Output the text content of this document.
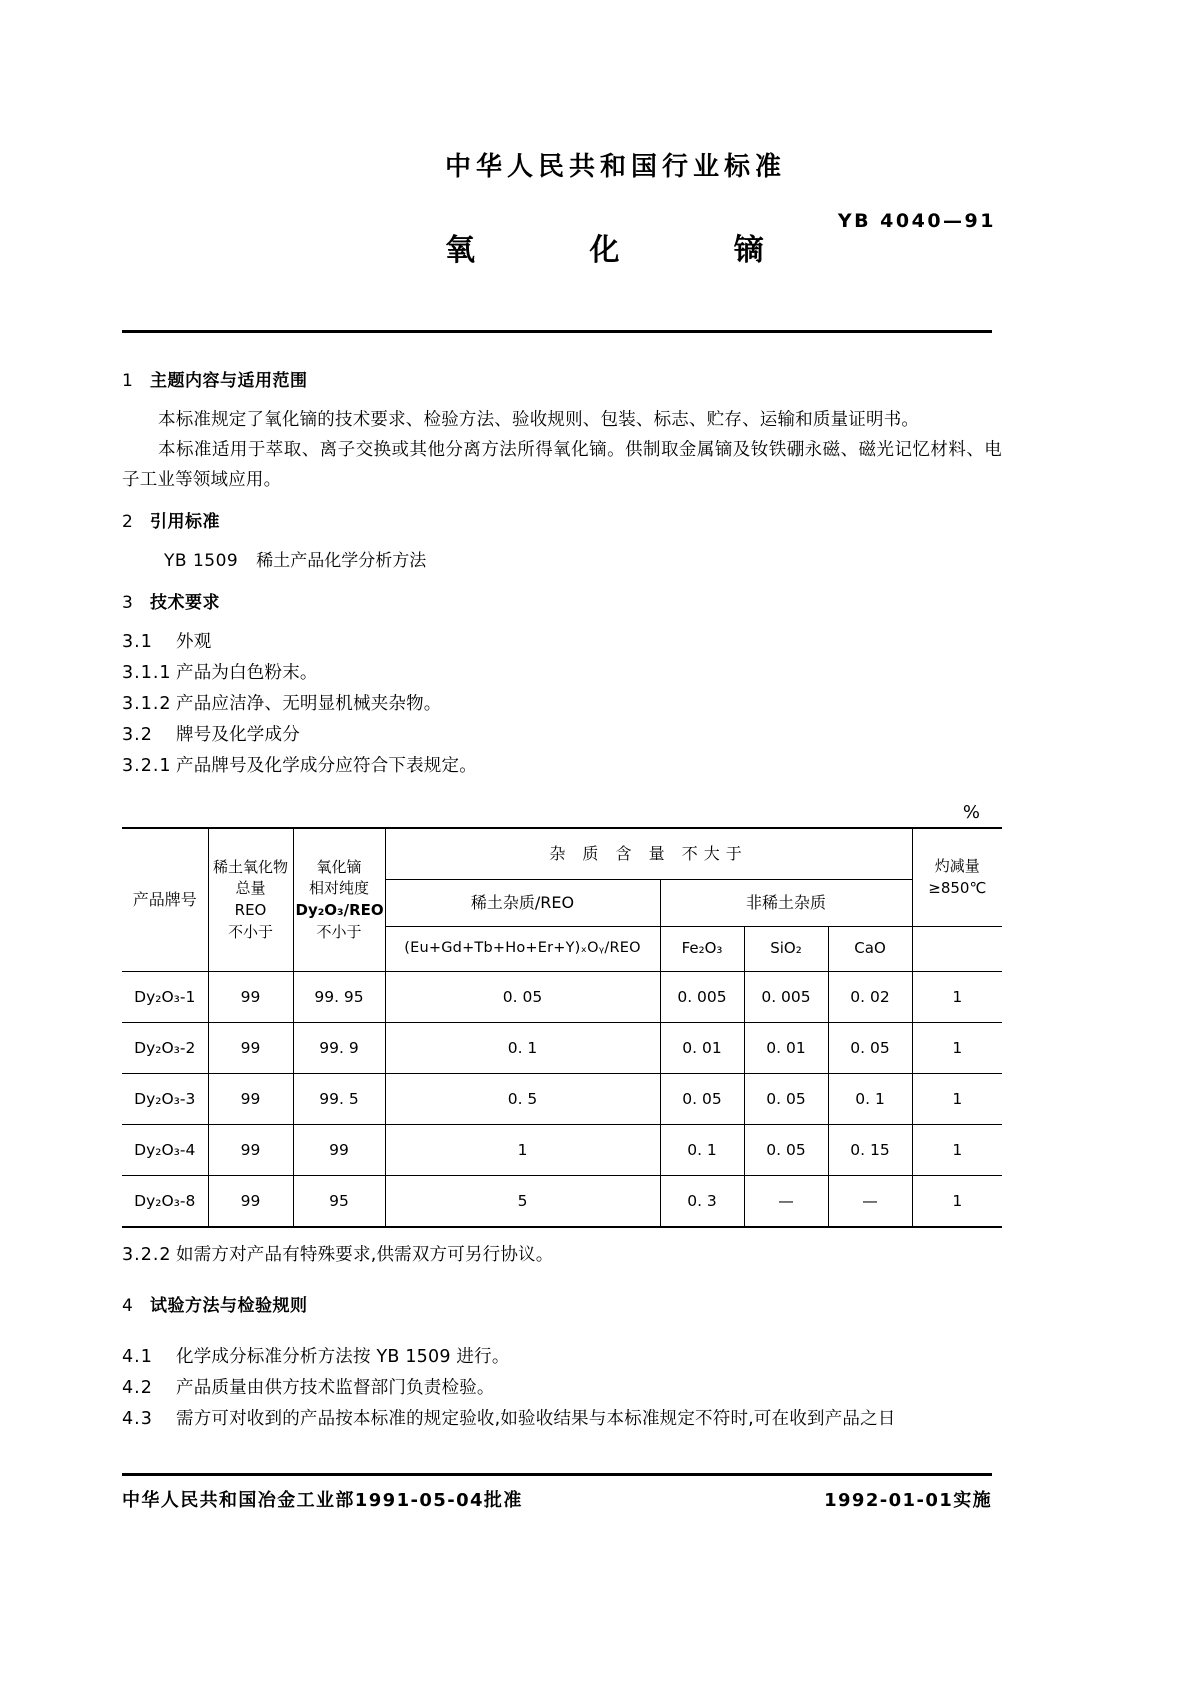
中华人民共和国行业标准
YB 4040—91
氧 化 镝
1 主题内容与适用范围

本标准规定了氧化镝的技术要求、检验方法、验收规则、包装、标志、贮存、运输和质量证明书。

本标准适用于萃取、离子交换或其他分离方法所得氧化镝。供制取金属镝及钕铁硼永磁、磁光记忆材料、电子工业等领域应用。

2 引用标准

YB 1509 稀土产品化学分析方法

3 技术要求

3.1 外观

3.1.1 产品为白色粉末。

3.1.2 产品应洁净、无明显机械夹杂物。

3.2 牌号及化学成分

3.2.1 产品牌号及化学成分应符合下表规定。

%

产品牌号	稀土氧化物
总量
REO
不小于	氧化镝
相对纯度
Dy₂O₃/REO
不小于	杂 质 含 量 不大于				灼减量
≥850℃
			稀土杂质/REO	非稀土杂质			
			(Eu+Gd+Tb+Ho+Er+Y)ₓOᵧ/REO	Fe₂O₃	SiO₂	CaO	
Dy₂O₃-1	99	99. 95	0. 05	0. 005	0. 005	0. 02	1
Dy₂O₃-2	99	99. 9	0. 1	0. 01	0. 01	0. 05	1
Dy₂O₃-3	99	99. 5	0. 5	0. 05	0. 05	0. 1	1
Dy₂O₃-4	99	99	1	0. 1	0. 05	0. 15	1
Dy₂O₃-8	99	95	5	0. 3	—	—	1

3.2.2 如需方对产品有特殊要求,供需双方可另行协议。

4 试验方法与检验规则

4.1 化学成分标准分析方法按 YB 1509 进行。

4.2 产品质量由供方技术监督部门负责检验。

4.3 需方可对收到的产品按本标准的规定验收,如验收结果与本标准规定不符时,可在收到产品之日

中华人民共和国冶金工业部1991-05-04批准	1992-01-01实施
